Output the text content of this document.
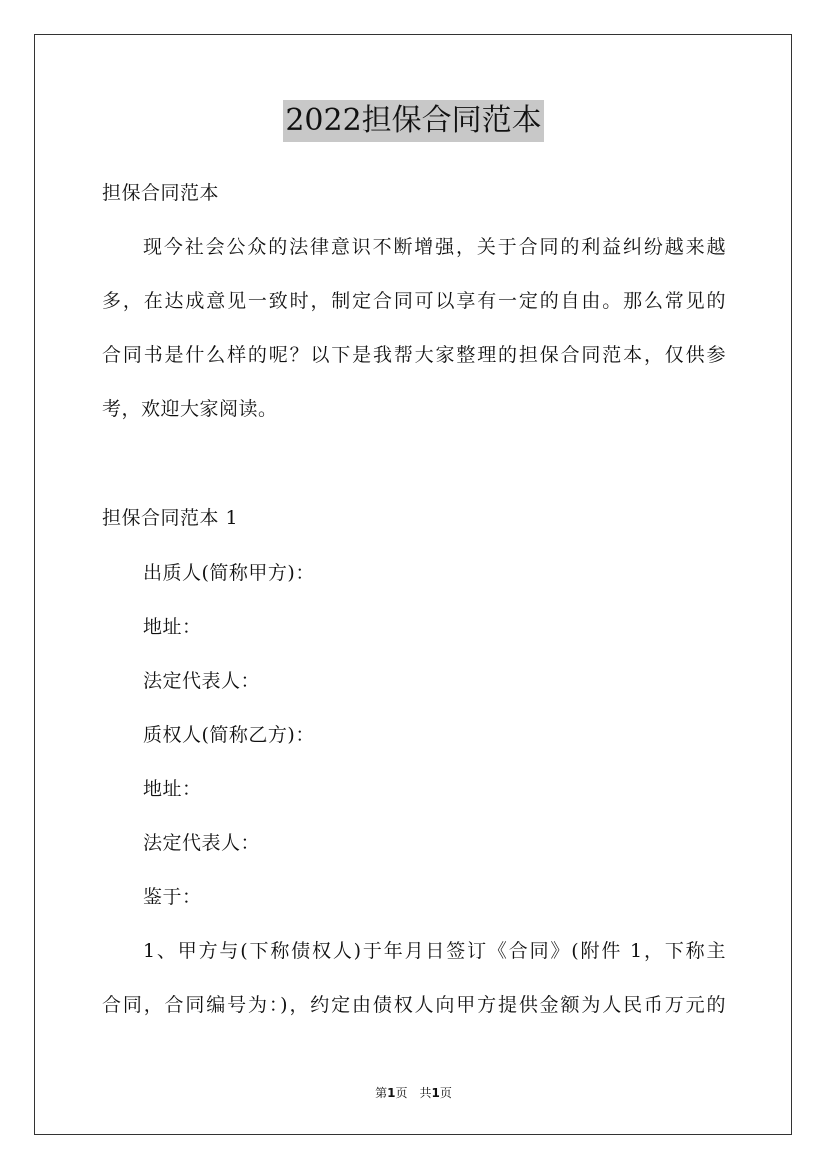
2022担保合同范本
担保合同范本
现今社会公众的法律意识不断增强，关于合同的利益纠纷越来越
多，在达成意见一致时，制定合同可以享有一定的自由。那么常见的
合同书是什么样的呢？以下是我帮大家整理的担保合同范本，仅供参
考，欢迎大家阅读。
担保合同范本 1
出质人(简称甲方)：
地址：
法定代表人：
质权人(简称乙方)：
地址：
法定代表人：
鉴于：
1、甲方与(下称债权人)于年月日签订《合同》(附件 1，下称主
合同，合同编号为：)，约定由债权人向甲方提供金额为人民币万元的
第1页　共1页
